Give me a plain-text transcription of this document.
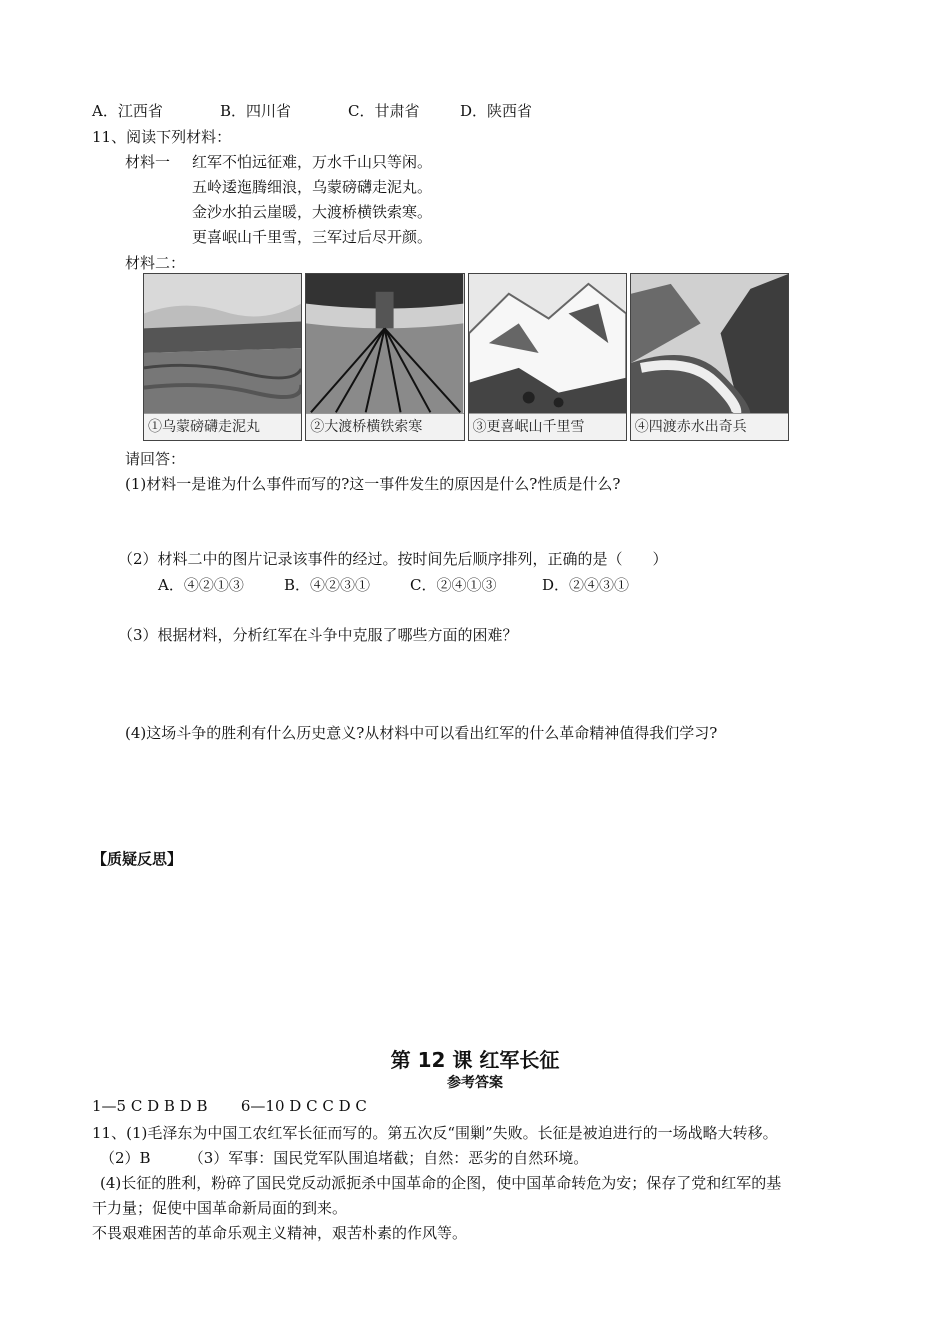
A．江西省	B．四川省	C．甘肃省	D．陕西省
11、阅读下列材料：
材料一 红军不怕远征难，万水千山只等闲。
五岭逶迤腾细浪，乌蒙磅礴走泥丸。
金沙水拍云崖暖，大渡桥横铁索寒。
更喜岷山千里雪，三军过后尽开颜。
材料二：
①乌蒙磅礴走泥丸	②大渡桥横铁索寒	③更喜岷山千里雪	④四渡赤水出奇兵
请回答：
(1)材料一是谁为什么事件而写的?这一事件发生的原因是什么?性质是什么?
（2）材料二中的图片记录该事件的经过。按时间先后顺序排列，正确的是（　　）
A．④②①③	B．④②③①	C．②④①③	D．②④③①
（3）根据材料，分析红军在斗争中克服了哪些方面的困难？
(4)这场斗争的胜利有什么历史意义?从材料中可以看出红军的什么革命精神值得我们学习?
【质疑反思】
第 12 课 红军长征
参考答案
1—5 C D B D B       6—10 D C C D C
11、(1)毛泽东为中国工农红军长征而写的。第五次反“围剿”失败。长征是被迫进行的一场战略大转移。
（2）B        （3）军事：国民党军队围追堵截；自然：恶劣的自然环境。
(4)长征的胜利，粉碎了国民党反动派扼杀中国革命的企图，使中国革命转危为安；保存了党和红军的基
干力量；促使中国革命新局面的到来。
不畏艰难困苦的革命乐观主义精神，艰苦朴素的作风等。
